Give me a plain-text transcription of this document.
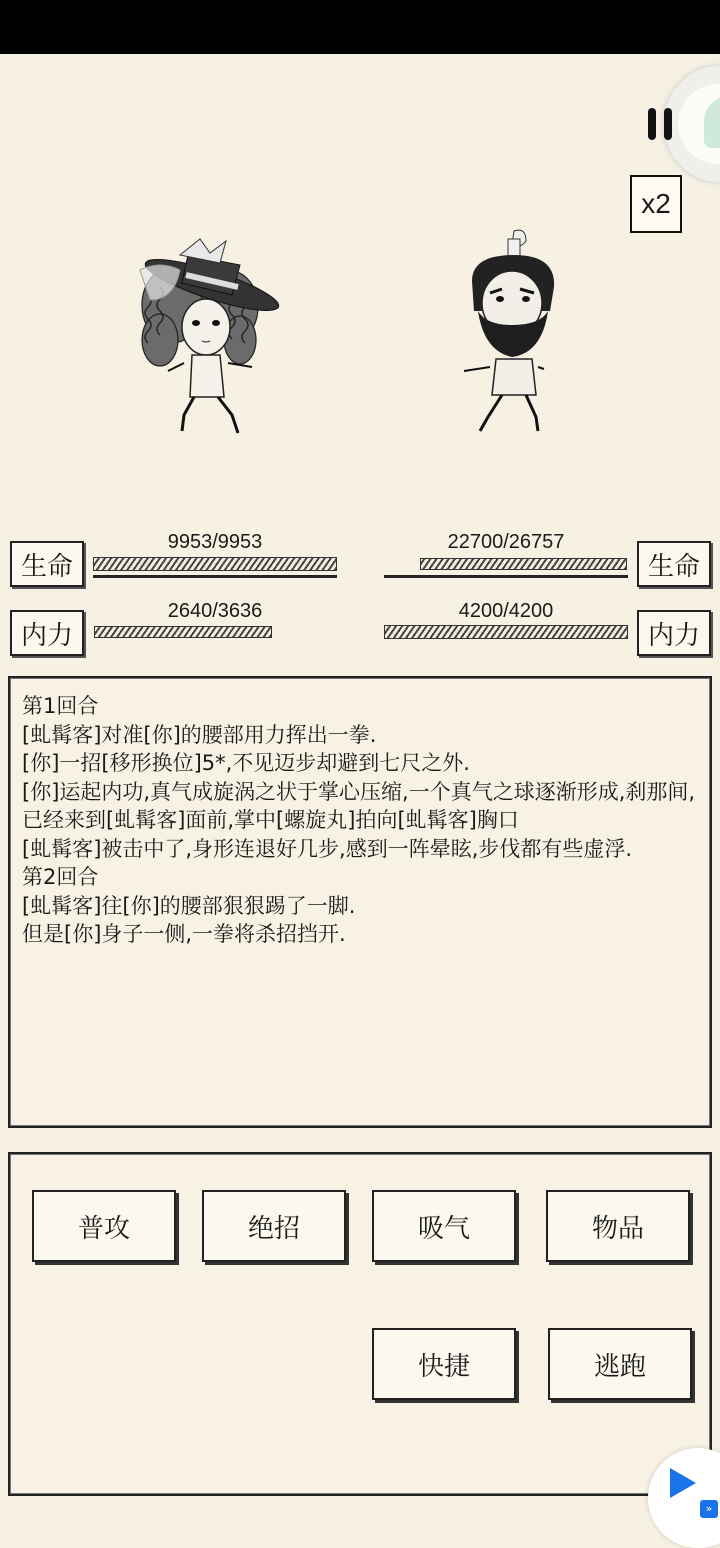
x2
生命
9953/9953
内力
2640/3636
生命
22700/26757
内力
4200/4200
第1回合
[虬髯客]对准[你]的腰部用力挥出一拳.
[你]一招[移形换位]5*,不见迈步却避到七尺之外.
[你]运起内功,真气成旋涡之状于掌心压缩,一个真气之球逐渐形成,刹那间,已经来到[虬髯客]面前,掌中[螺旋丸]拍向[虬髯客]胸口
[虬髯客]被击中了,身形连退好几步,感到一阵晕眩,步伐都有些虚浮.
第2回合
[虬髯客]往[你]的腰部狠狠踢了一脚.
但是[你]身子一侧,一拳将杀招挡开.
普攻	绝招	吸气	物品
快捷	逃跑
»
